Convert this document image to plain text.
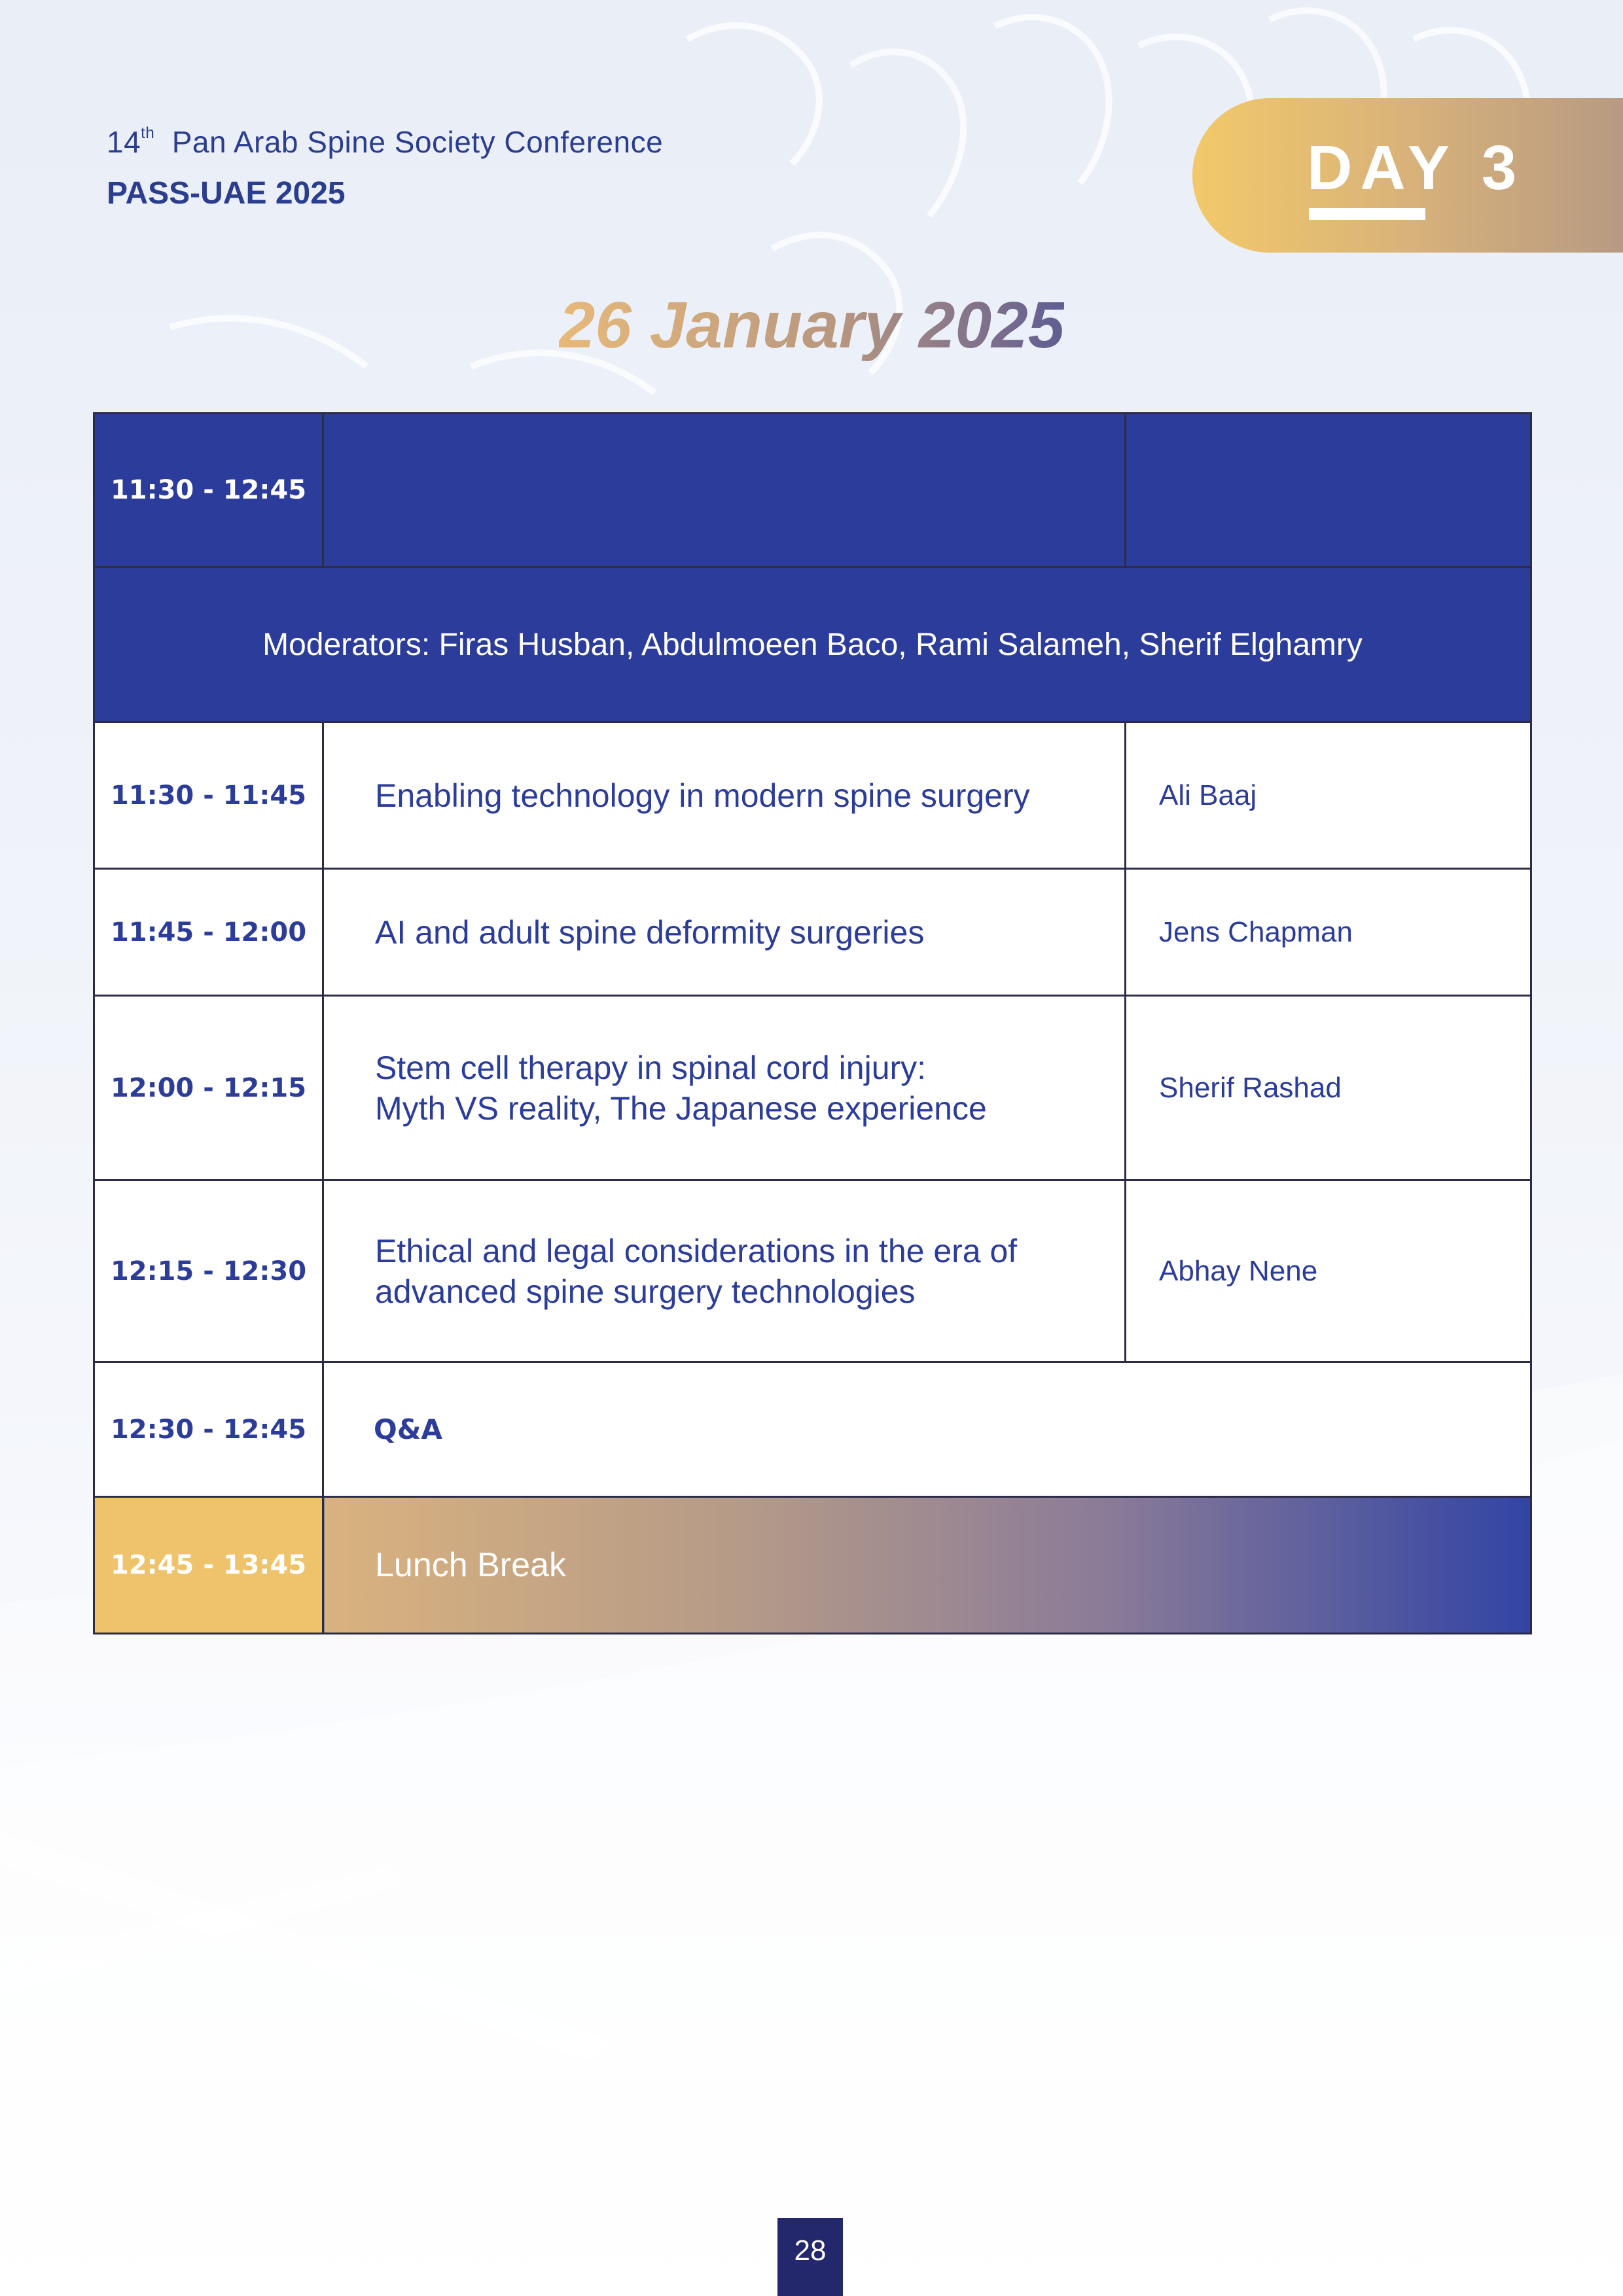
14th Pan Arab Spine Society Conference
PASS-UAE 2025	DAY 3
26 January 2025
11:30 - 12:45	Session 2: Future Directions	Speakers

Moderators: Firas Husban, Abdulmoeen Baco, Rami Salameh, Sherif Elghamry		
11:30 - 11:45	Enabling technology in modern spine surgery	Ali Baaj

11:45 - 12:00	AI and adult spine deformity surgeries	Jens Chapman

12:00 - 12:15	Stem cell therapy in spinal cord injury:
Myth VS reality, The Japanese experience	Sherif Rashad

12:15 - 12:30	Ethical and legal considerations in the era of
advanced spine surgery technologies	Abhay Nene

12:30 - 12:45	Q&A	

12:45 - 13:45	Lunch Break	
28
